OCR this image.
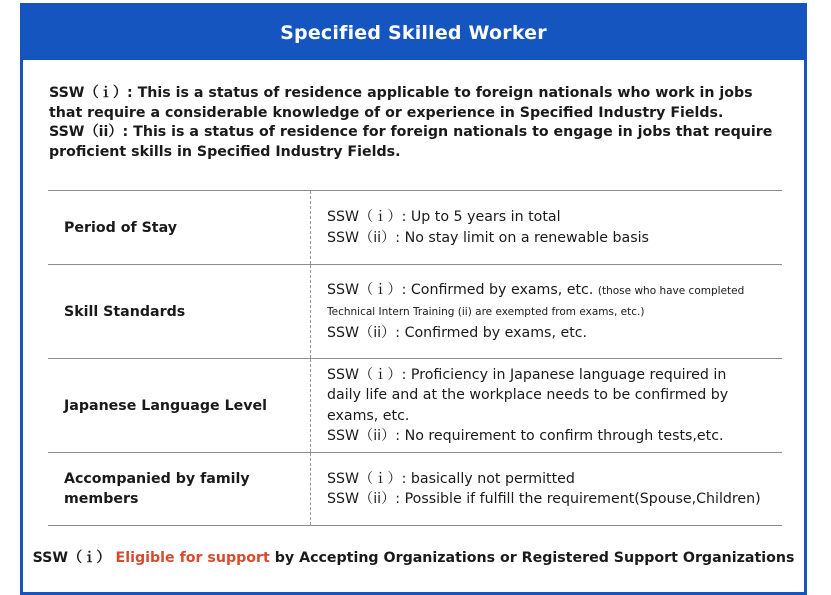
Specified Skilled Worker

SSW（ｉ）: This is a status of residence applicable to foreign nationals who work in jobs that require a considerable knowledge of or experience in Specified Industry Fields.

SSW（ii）: This is a status of residence for foreign nationals to engage in jobs that require proficient skills in Specified Industry Fields.

Period of Stay	SSW（ｉ）: Up to 5 years in total
SSW（ii）: No stay limit on a renewable basis

Skill Standards	SSW（ｉ）: Confirmed by exams, etc. (those who have completed Technical Intern Training (ii) are exempted from exams, etc.)
SSW（ii）: Confirmed by exams, etc.

Japanese Language Level	SSW（ｉ）: Proficiency in Japanese language required in daily life and at the workplace needs to be confirmed by exams, etc.
SSW（ii）: No requirement to confirm through tests,etc.

Accompanied by family members	SSW（ｉ）: basically not permitted
SSW（ii）: Possible if fulfill the requirement(Spouse,Children)
SSW（ｉ） Eligible for support by Accepting Organizations or Registered Support Organizations
